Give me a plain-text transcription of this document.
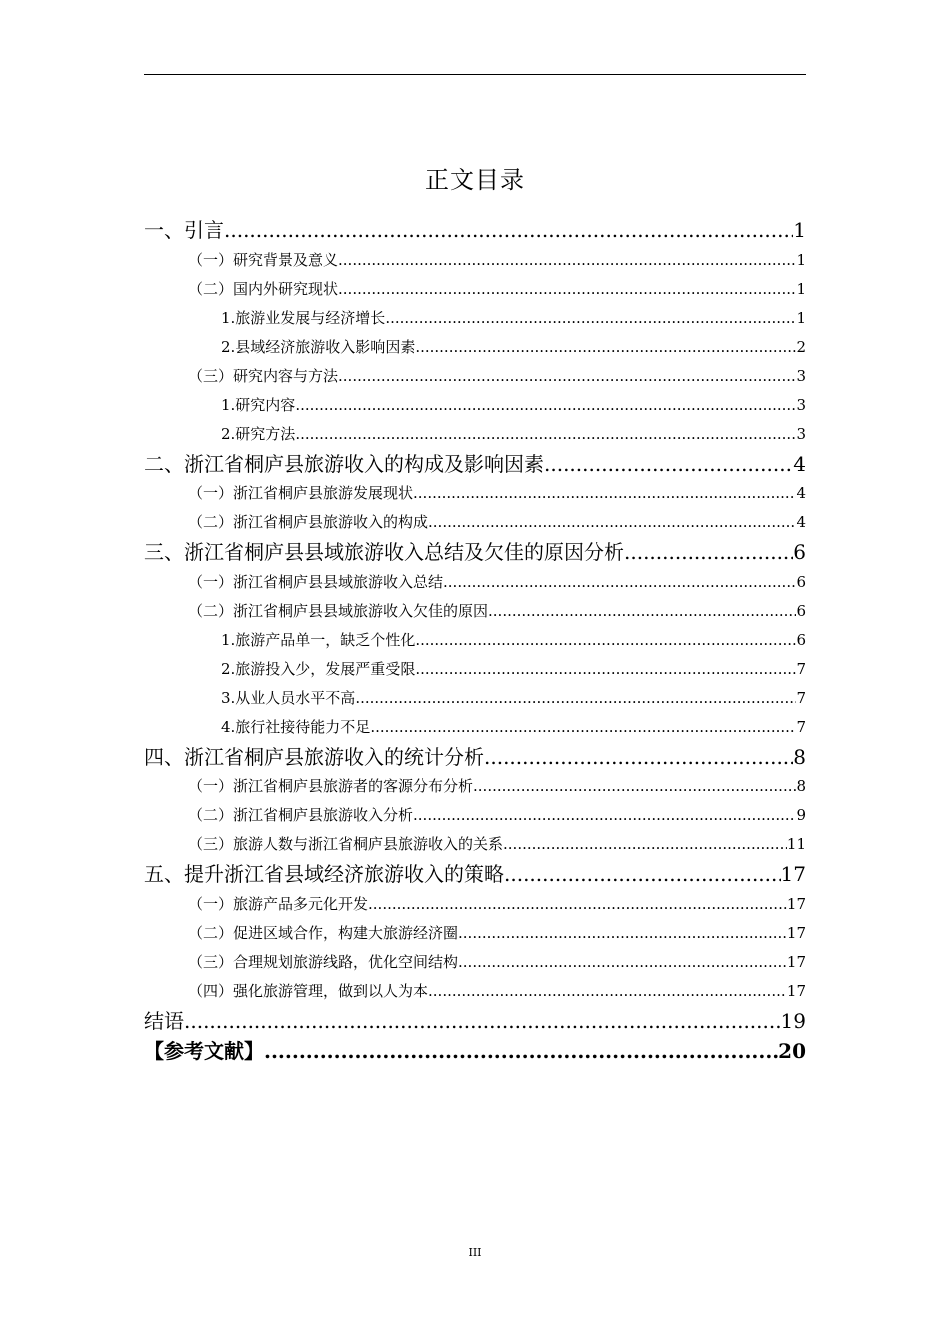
正文目录
一、引言 .....	1
（一）研究背景及意义 .....	1
（二）国内外研究现状 .....	1
1.旅游业发展与经济增长 .....	1
2.县域经济旅游收入影响因素 .....	2
（三）研究内容与方法 .....	3
1.研究内容 .....	3
2.研究方法 .....	3
二、浙江省桐庐县旅游收入的构成及影响因素 .....	4
（一）浙江省桐庐县旅游发展现状 .....	4
（二）浙江省桐庐县旅游收入的构成 .....	4
三、浙江省桐庐县县域旅游收入总结及欠佳的原因分析 .....	6
（一）浙江省桐庐县县域旅游收入总结 .....	6
（二）浙江省桐庐县县域旅游收入欠佳的原因 .....	6
1.旅游产品单一，缺乏个性化 .....	6
2.旅游投入少，发展严重受限 .....	7
3.从业人员水平不高 .....	7
4.旅行社接待能力不足 .....	7
四、浙江省桐庐县旅游收入的统计分析 .....	8
（一）浙江省桐庐县旅游者的客源分布分析 .....	8
（二）浙江省桐庐县旅游收入分析 .....	9
（三）旅游人数与浙江省桐庐县旅游收入的关系 .....	11
五、提升浙江省县域经济旅游收入的策略 .....	17
（一）旅游产品多元化开发 .....	17
（二）促进区域合作，构建大旅游经济圈 .....	17
（三）合理规划旅游线路，优化空间结构 .....	17
（四）强化旅游管理，做到以人为本 .....	17
结语 .....	19
【参考文献】 .....	20
III
